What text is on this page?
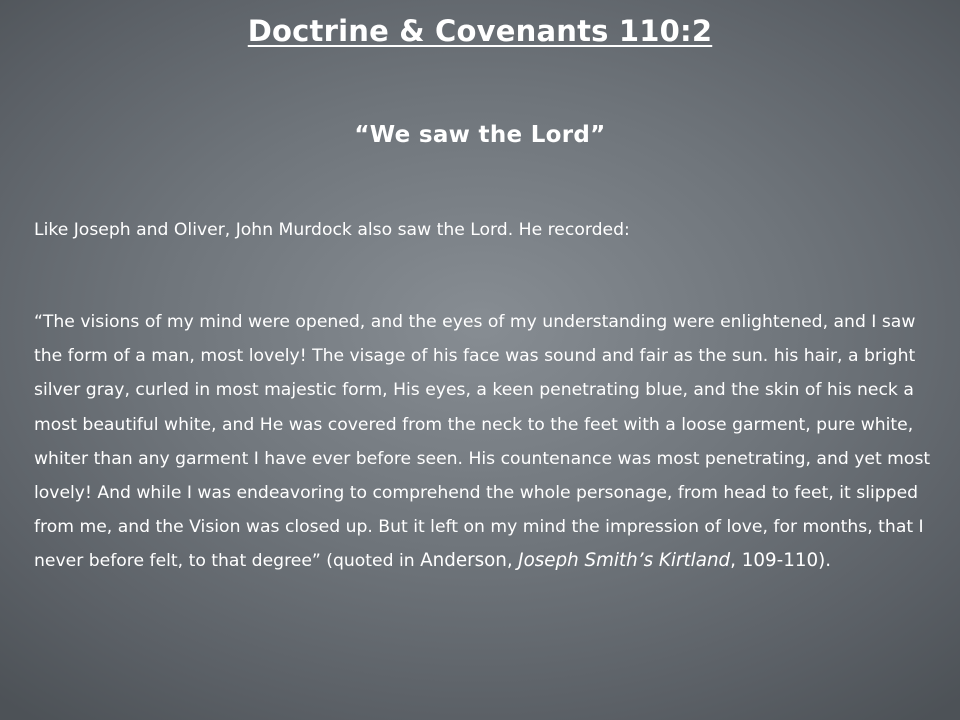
Doctrine & Covenants 110:2
“We saw the Lord”
Like Joseph and Oliver, John Murdock also saw the Lord. He recorded:
“The visions of my mind were opened, and the eyes of my understanding were enlightened, and I saw the form of a man, most lovely! The visage of his face was sound and fair as the sun. his hair, a bright silver gray, curled in most majestic form, His eyes, a keen penetrating blue, and the skin of his neck a most beautiful white, and He was covered from the neck to the feet with a loose garment, pure white, whiter than any garment I have ever before seen. His countenance was most penetrating, and yet most lovely! And while I was endeavoring to comprehend the whole personage, from head to feet, it slipped from me, and the Vision was closed up. But it left on my mind the impression of love, for months, that I never before felt, to that degree” (quoted in Anderson, Joseph Smith’s Kirtland, 109-110).
